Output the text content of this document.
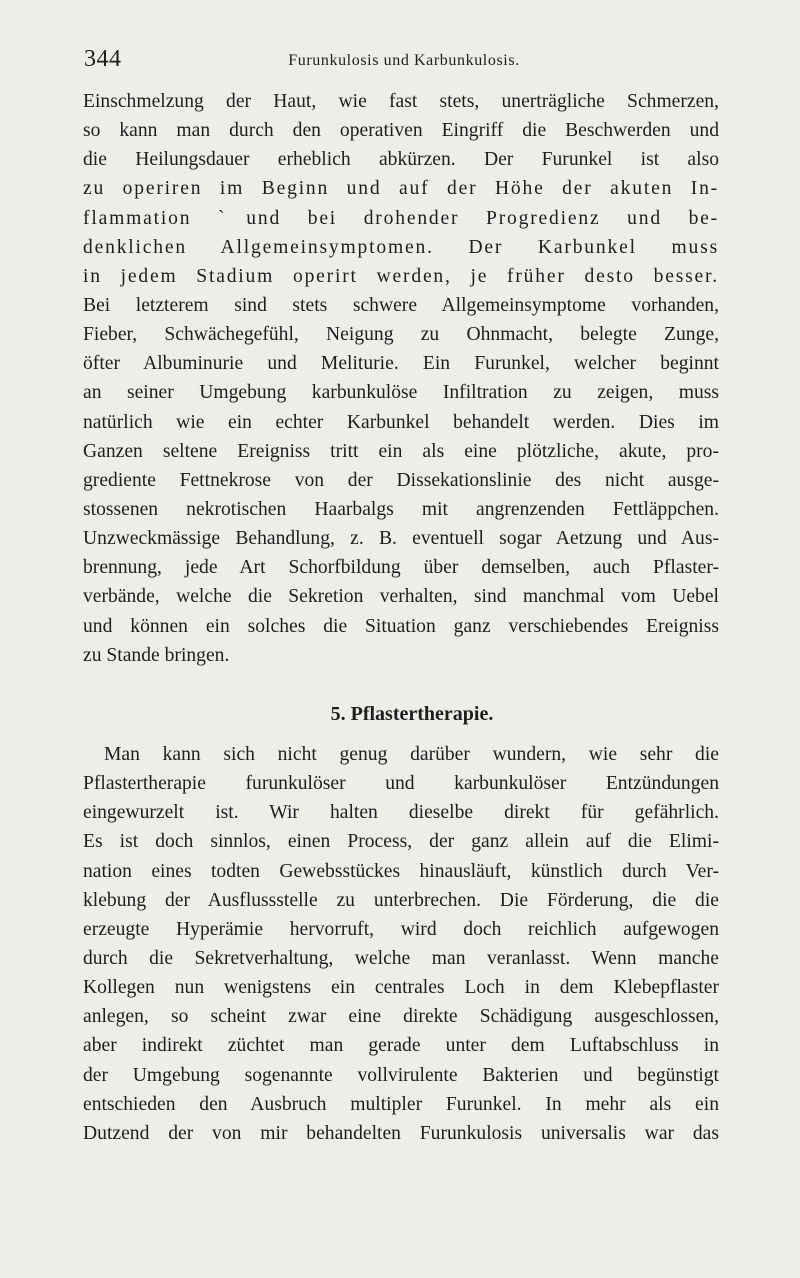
344	Furunkulosis und Karbunkulosis.
Einschmelzung der Haut, wie fast stets, unerträgliche Schmerzen,
so kann man durch den operativen Eingriff die Beschwerden und
die Heilungsdauer erheblich abkürzen. Der Furunkel ist also
zu operiren im Beginn und auf der Höhe der akuten In-
flammation ˋund bei drohender Progredienz und be-
denklichen Allgemeinsymptomen. Der Karbunkel muss
in jedem Stadium operirt werden, je früher desto besser.
Bei letzterem sind stets schwere Allgemeinsymptome vorhanden,
Fieber, Schwächegefühl, Neigung zu Ohnmacht, belegte Zunge,
öfter Albuminurie und Meliturie. Ein Furunkel, welcher beginnt
an seiner Umgebung karbunkulöse Infiltration zu zeigen, muss
natürlich wie ein echter Karbunkel behandelt werden. Dies im
Ganzen seltene Ereigniss tritt ein als eine plötzliche, akute, pro-
grediente Fettnekrose von der Dissekationslinie des nicht ausge-
stossenen nekrotischen Haarbalgs mit angrenzenden Fettläppchen.
Unzweckmässige Behandlung, z. B. eventuell sogar Aetzung und Aus-
brennung, jede Art Schorfbildung über demselben, auch Pflaster-
verbände, welche die Sekretion verhalten, sind manchmal vom Uebel
und können ein solches die Situation ganz verschiebendes Ereigniss
zu Stande bringen.
5. Pflastertherapie.
Man kann sich nicht genug darüber wundern, wie sehr die
Pflastertherapie furunkulöser und karbunkulöser Entzündungen
eingewurzelt ist. Wir halten dieselbe direkt für gefährlich.
Es ist doch sinnlos, einen Process, der ganz allein auf die Elimi-
nation eines todten Gewebsstückes hinausläuft, künstlich durch Ver-
klebung der Ausflussstelle zu unterbrechen. Die Förderung, die die
erzeugte Hyperämie hervorruft, wird doch reichlich aufgewogen
durch die Sekretverhaltung, welche man veranlasst. Wenn manche
Kollegen nun wenigstens ein centrales Loch in dem Klebepflaster
anlegen, so scheint zwar eine direkte Schädigung ausgeschlossen,
aber indirekt züchtet man gerade unter dem Luftabschluss in
der Umgebung sogenannte vollvirulente Bakterien und begünstigt
entschieden den Ausbruch multipler Furunkel. In mehr als ein
Dutzend der von mir behandelten Furunkulosis universalis war das
